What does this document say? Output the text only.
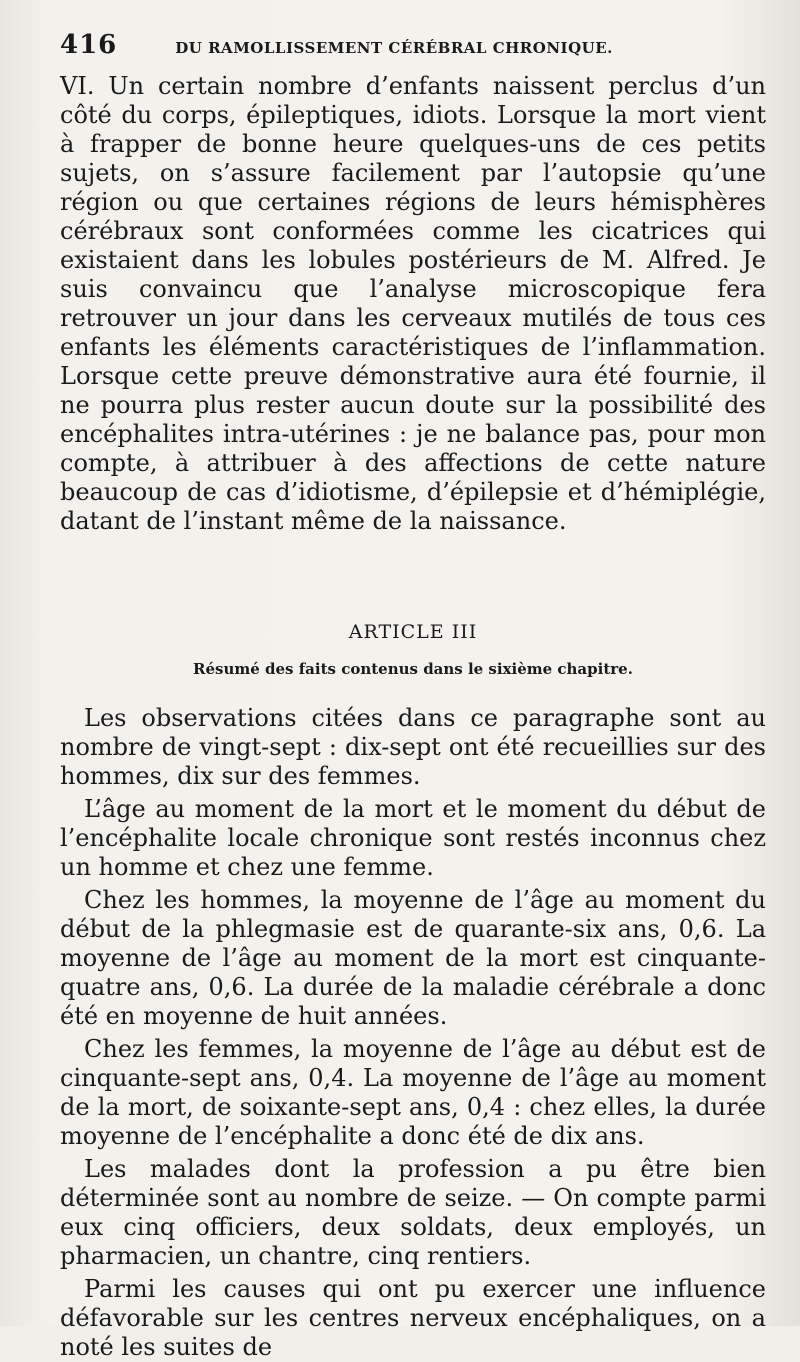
416	DU RAMOLLISSEMENT CÉRÉBRAL CHRONIQUE.

VI. Un certain nombre d’enfants naissent perclus d’un côté du corps, épileptiques, idiots. Lorsque la mort vient à frapper de bonne heure quelques-uns de ces petits sujets, on s’assure facilement par l’autopsie qu’une région ou que certaines régions de leurs hémisphères cérébraux sont conformées comme les cicatrices qui existaient dans les lobules postérieurs de M. Alfred. Je suis convaincu que l’analyse microscopique fera retrouver un jour dans les cerveaux mutilés de tous ces enfants les éléments caractéristiques de l’inflammation. Lorsque cette preuve démonstrative aura été fournie, il ne pourra plus rester aucun doute sur la possibilité des encéphalites intra-utérines : je ne balance pas, pour mon compte, à attribuer à des affections de cette nature beaucoup de cas d’idiotisme, d’épilepsie et d’hémiplégie, datant de l’instant même de la naissance.

ARTICLE III

Résumé des faits contenus dans le sixième chapitre.

Les observations citées dans ce paragraphe sont au nombre de vingt-sept : dix-sept ont été recueillies sur des hommes, dix sur des femmes.

L’âge au moment de la mort et le moment du début de l’encéphalite locale chronique sont restés inconnus chez un homme et chez une femme.

Chez les hommes, la moyenne de l’âge au moment du début de la phlegmasie est de quarante-six ans, 0,6. La moyenne de l’âge au moment de la mort est cinquante-quatre ans, 0,6. La durée de la maladie cérébrale a donc été en moyenne de huit années.

Chez les femmes, la moyenne de l’âge au début est de cinquante-sept ans, 0,4. La moyenne de l’âge au moment de la mort, de soixante-sept ans, 0,4 : chez elles, la durée moyenne de l’encéphalite a donc été de dix ans.

Les malades dont la profession a pu être bien déterminée sont au nombre de seize. — On compte parmi eux cinq officiers, deux soldats, deux employés, un pharmacien, un chantre, cinq rentiers.

Parmi les causes qui ont pu exercer une influence défavorable sur les centres nerveux encéphaliques, on a noté les suites de
